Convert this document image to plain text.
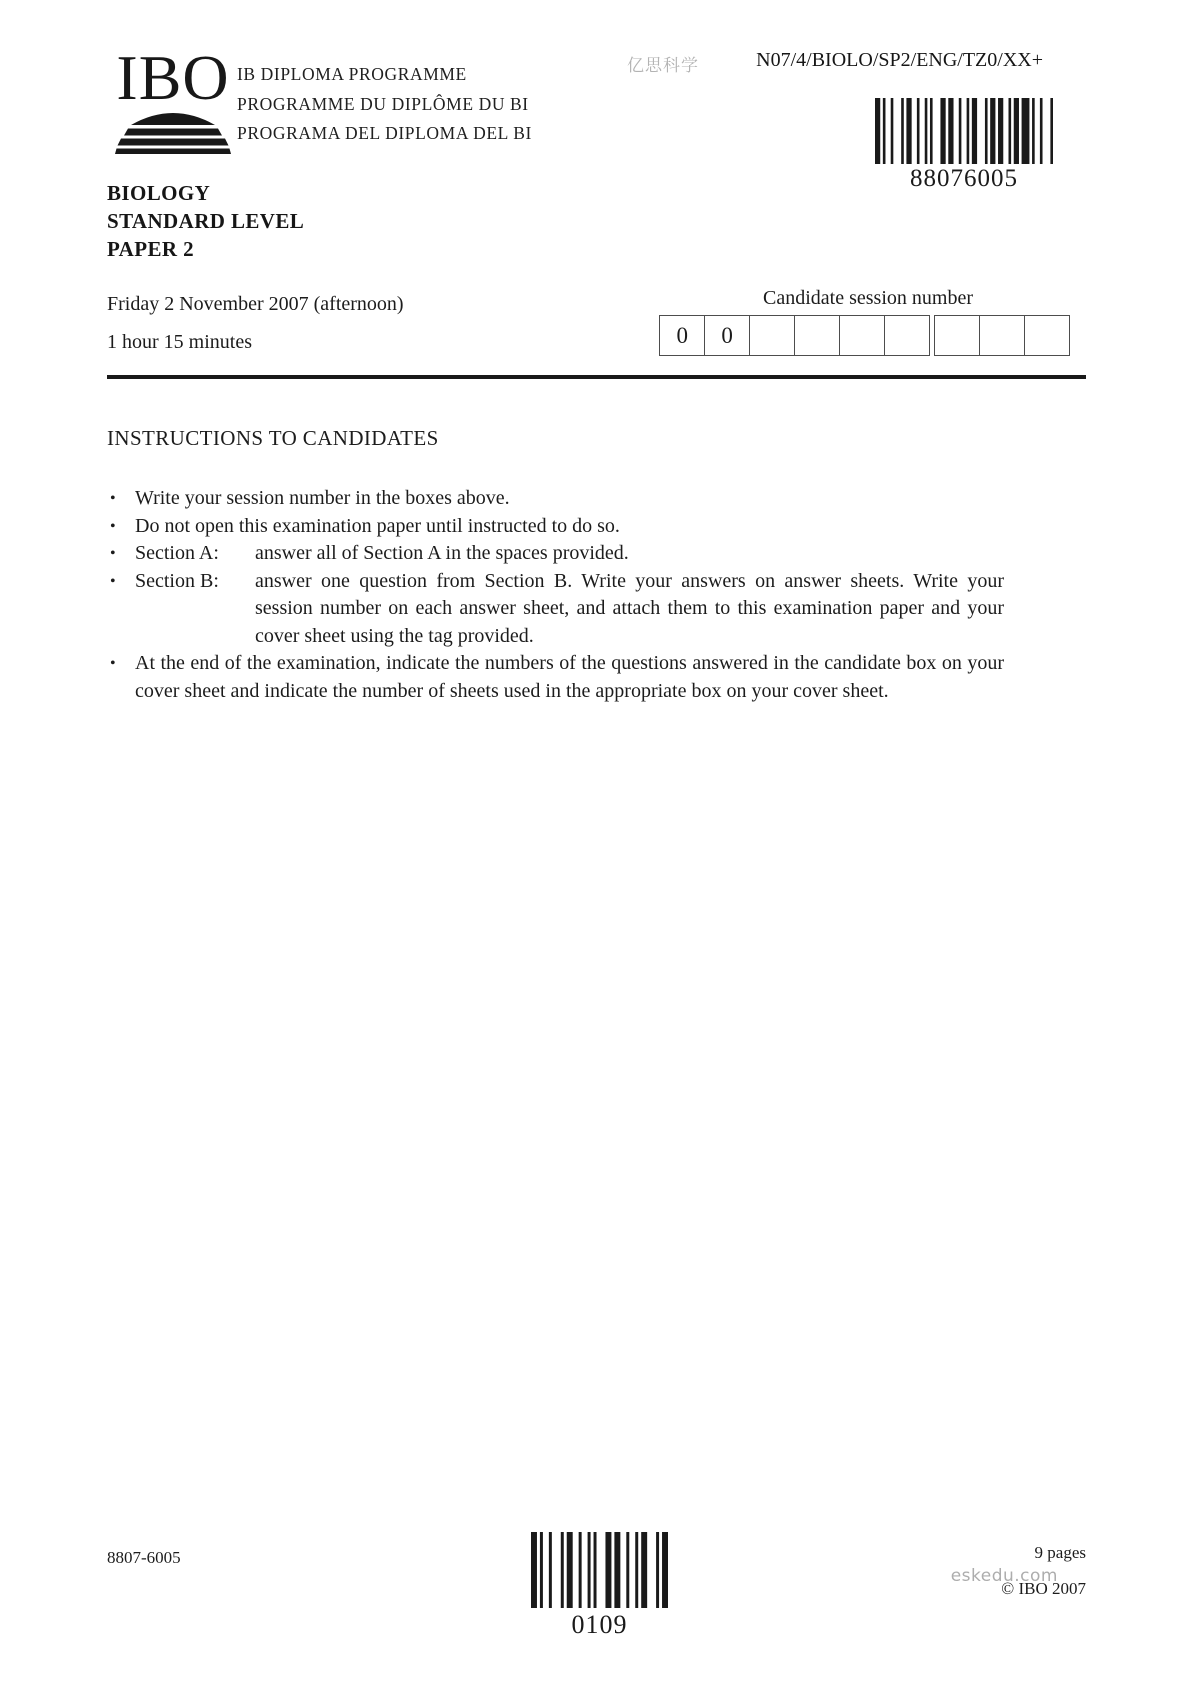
IBO IB DIPLOMA PROGRAMME
PROGRAMME DU DIPLÔME DU BI
PROGRAMA DEL DIPLOMA DEL BI
亿思科学	N07/4/BIOLO/SP2/ENG/TZ0/XX+
88076005
BIOLOGY
STANDARD LEVEL
PAPER 2
Friday 2 November 2007 (afternoon)
1 hour 15 minutes
Candidate session number
0	0
INSTRUCTIONS TO CANDIDATES
• Write your session number in the boxes above.
• Do not open this examination paper until instructed to do so.
• Section A: answer all of Section A in the spaces provided.
• Section B: answer one question from Section B. Write your answers on answer sheets. Write your session number on each answer sheet, and attach them to this examination paper and your cover sheet using the tag provided.
• At the end of the examination, indicate the numbers of the questions answered in the candidate box on your cover sheet and indicate the number of sheets used in the appropriate box on your cover sheet.
8807-6005	9 pages
eskedu.com
© IBO 2007
0109
